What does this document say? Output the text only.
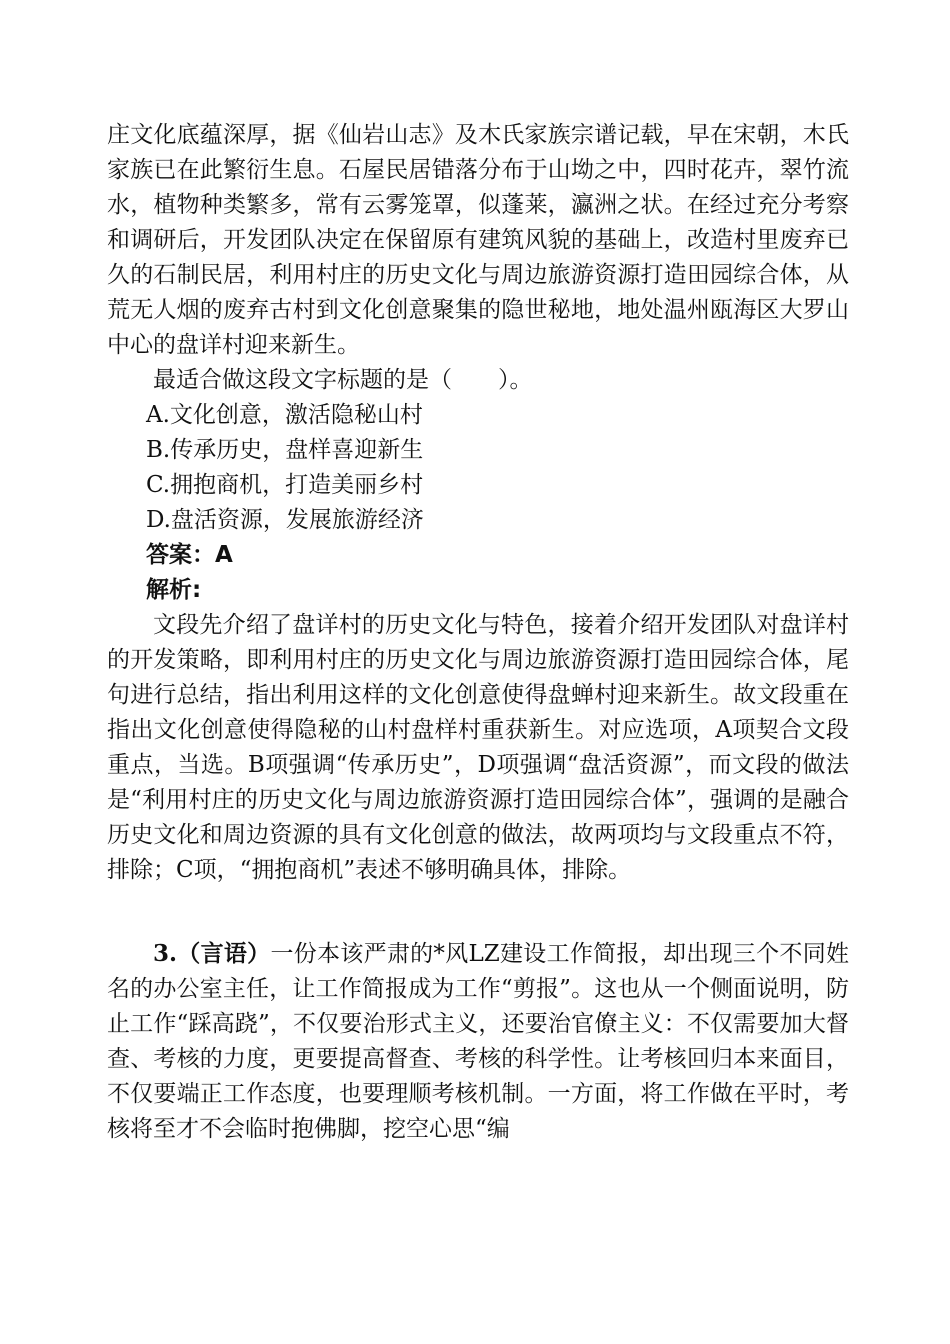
庄文化底蕴深厚，据《仙岩山志》及木氏家族宗谱记载，早在宋朝，木氏家族已在此繁衍生息。石屋民居错落分布于山坳之中，四时花卉，翠竹流水，植物种类繁多，常有云雾笼罩，似蓬莱，瀛洲之状。在经过充分考察和调研后，开发团队决定在保留原有建筑风貌的基础上，改造村里废弃已久的石制民居，利用村庄的历史文化与周边旅游资源打造田园综合体，从荒无人烟的废弃古村到文化创意聚集的隐世秘地，地处温州瓯海区大罗山中心的盘详村迎来新生。

最适合做这段文字标题的是（　　）。

A.文化创意，激活隐秘山村

B.传承历史，盘样喜迎新生

C.拥抱商机，打造美丽乡村

D.盘活资源，发展旅游经济

答案：A

解析:

文段先介绍了盘详村的历史文化与特色，接着介绍开发团队对盘详村的开发策略，即利用村庄的历史文化与周边旅游资源打造田园综合体，尾句进行总结，指出利用这样的文化创意使得盘蝉村迎来新生。故文段重在指出文化创意使得隐秘的山村盘样村重获新生。对应选项，A项契合文段重点，当选。B项强调“传承历史”，D项强调“盘活资源”，而文段的做法是“利用村庄的历史文化与周边旅游资源打造田园综合体”，强调的是融合历史文化和周边资源的具有文化创意的做法，故两项均与文段重点不符，排除；C项，“拥抱商机”表述不够明确具体，排除。

3.（言语）一份本该严肃的*风LZ建设工作简报，却出现三个不同姓名的办公室主任，让工作简报成为工作“剪报”。这也从一个侧面说明，防止工作“踩高跷”，不仅要治形式主义，还要治官僚主义：不仅需要加大督查、考核的力度，更要提高督查、考核的科学性。让考核回归本来面目，不仅要端正工作态度，也要理顺考核机制。一方面，将工作做在平时，考核将至才不会临时抱佛脚，挖空心思“编
